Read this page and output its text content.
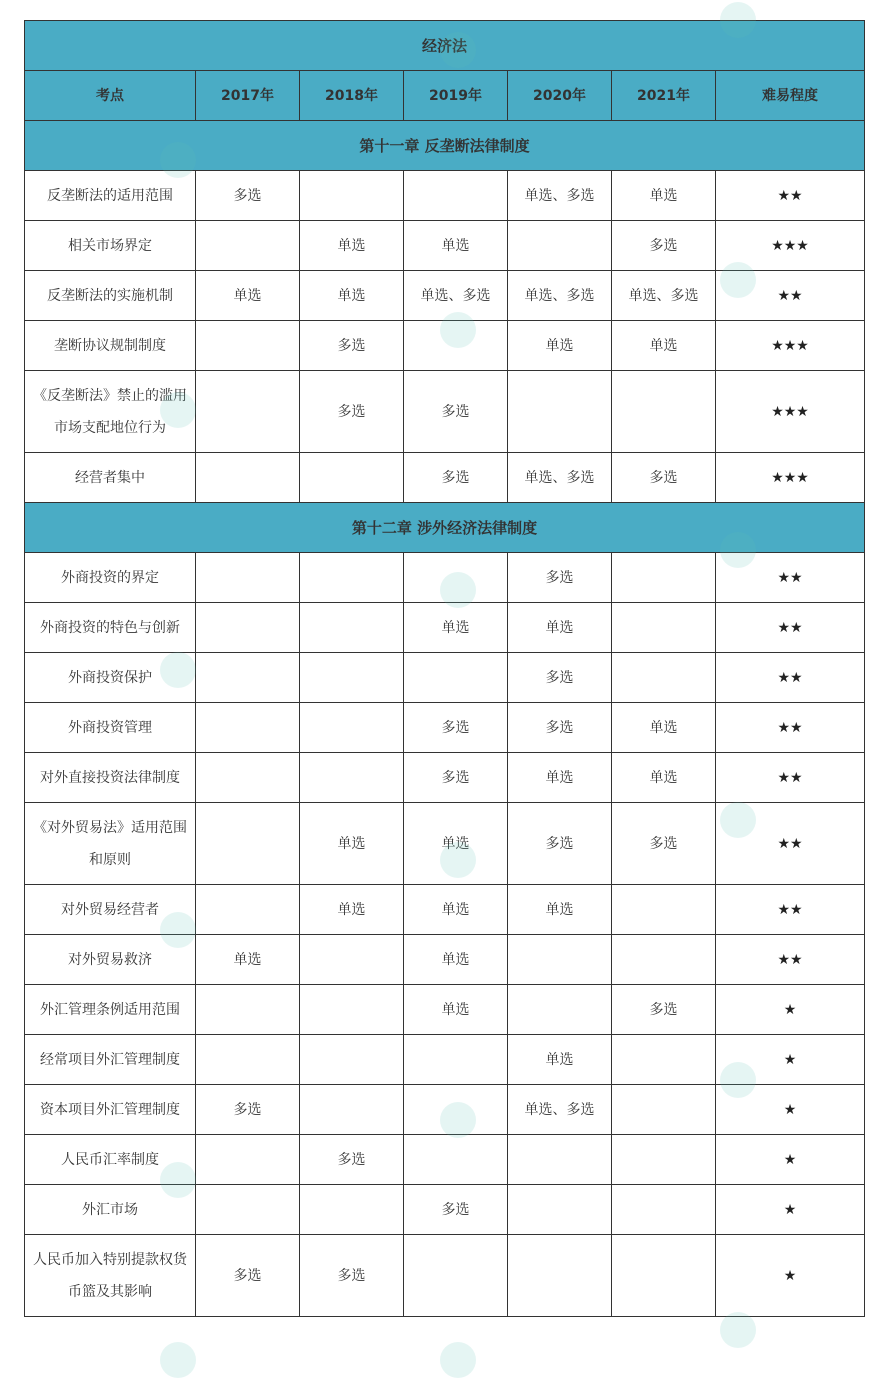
经济法						
考点	2017年	2018年	2019年	2020年	2021年	难易程度
第十一章 反垄断法律制度						
反垄断法的适用范围	多选			单选、多选	单选	★★
相关市场界定		单选	单选		多选	★★★
反垄断法的实施机制	单选	单选	单选、多选	单选、多选	单选、多选	★★
垄断协议规制制度		多选		单选	单选	★★★
《反垄断法》禁止的滥用市场支配地位行为		多选	多选			★★★
经营者集中			多选	单选、多选	多选	★★★
第十二章 涉外经济法律制度						
外商投资的界定				多选		★★
外商投资的特色与创新			单选	单选		★★
外商投资保护				多选		★★
外商投资管理			多选	多选	单选	★★
对外直接投资法律制度			多选	单选	单选	★★
《对外贸易法》适用范围和原则		单选	单选	多选	多选	★★
对外贸易经营者		单选	单选	单选		★★
对外贸易救济	单选		单选			★★
外汇管理条例适用范围			单选		多选	★
经常项目外汇管理制度				单选		★
资本项目外汇管理制度	多选			单选、多选		★
人民币汇率制度		多选				★
外汇市场			多选			★
人民币加入特别提款权货币篮及其影响	多选	多选				★
